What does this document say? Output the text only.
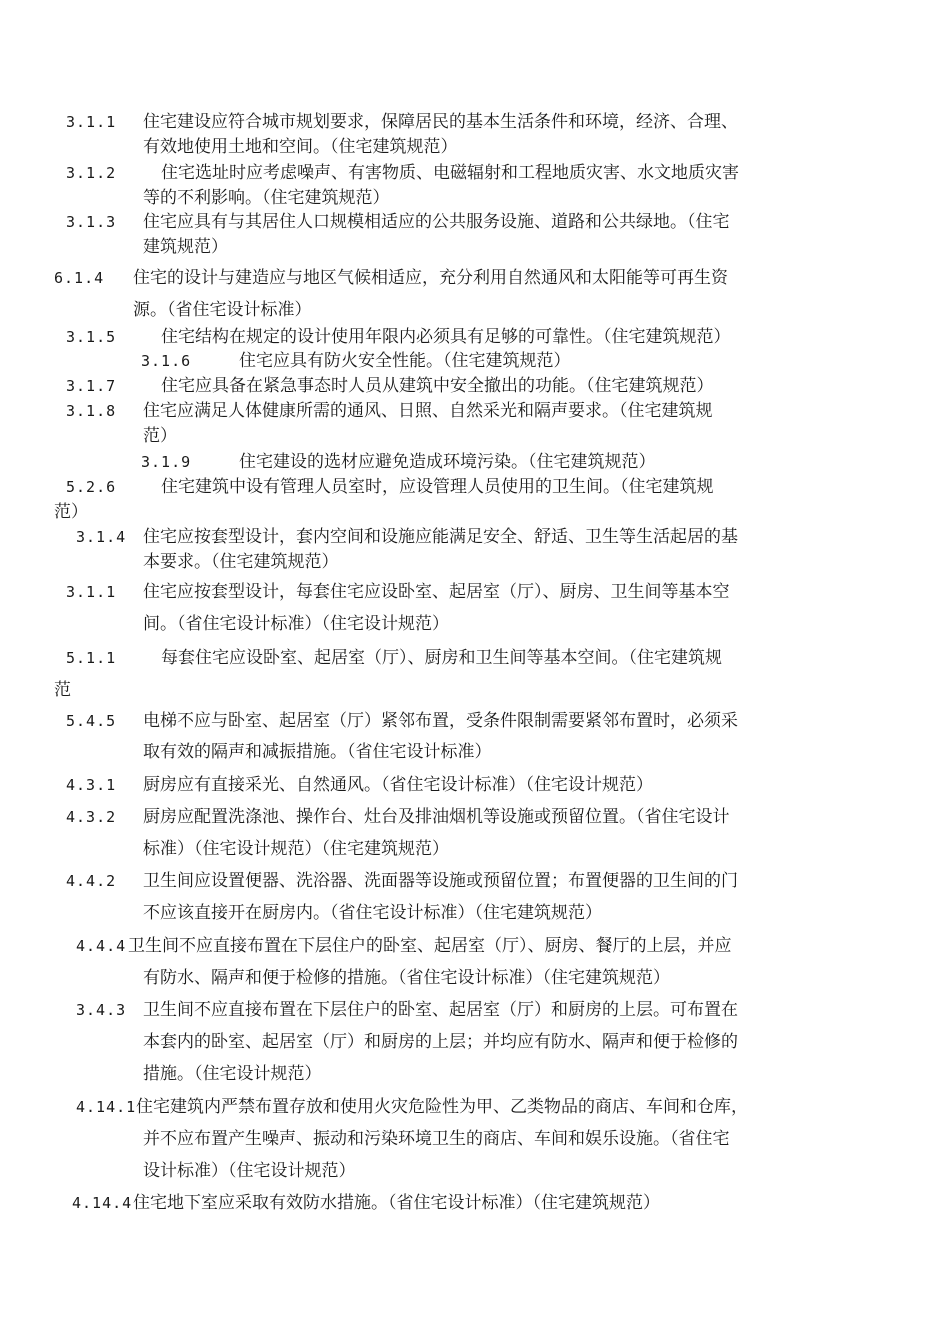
3.1.1 住宅建设应符合城市规划要求，保障居民的基本生活条件和环境，经济、合理、
有效地使用土地和空间。（住宅建筑规范）
3.1.2	住宅选址时应考虑噪声、有害物质、电磁辐射和工程地质灾害、水文地质灾害
等的不利影响。（住宅建筑规范）
3.1.3 住宅应具有与其居住人口规模相适应的公共服务设施、道路和公共绿地。（住宅
建筑规范）
6.1.4 住宅的设计与建造应与地区气候相适应，充分利用自然通风和太阳能等可再生资
源。（省住宅设计标准）
3.1.5	住宅结构在规定的设计使用年限内必须具有足够的可靠性。（住宅建筑规范）
3.1.6	住宅应具有防火安全性能。（住宅建筑规范）
3.1.7	住宅应具备在紧急事态时人员从建筑中安全撤出的功能。（住宅建筑规范）
3.1.8 住宅应满足人体健康所需的通风、日照、自然采光和隔声要求。（住宅建筑规
范）
3.1.9	住宅建设的选材应避免造成环境污染。（住宅建筑规范）
5.2.6	住宅建筑中设有管理人员室时，应设管理人员使用的卫生间。（住宅建筑规
范）
3.1.4 住宅应按套型设计，套内空间和设施应能满足安全、舒适、卫生等生活起居的基
本要求。（住宅建筑规范）
3.1.1 住宅应按套型设计，每套住宅应设卧室、起居室（厅）、厨房、卫生间等基本空
间。（省住宅设计标准）（住宅设计规范）
5.1.1	每套住宅应设卧室、起居室（厅）、厨房和卫生间等基本空间。（住宅建筑规
范
5.4.5 电梯不应与卧室、起居室（厅）紧邻布置，受条件限制需要紧邻布置时，必须采
取有效的隔声和减振措施。（省住宅设计标准）
4.3.1 厨房应有直接采光、自然通风。（省住宅设计标准）（住宅设计规范）
4.3.2 厨房应配置洗涤池、操作台、灶台及排油烟机等设施或预留位置。（省住宅设计
标准）（住宅设计规范）（住宅建筑规范）
4.4.2 卫生间应设置便器、洗浴器、洗面器等设施或预留位置；布置便器的卫生间的门
不应该直接开在厨房内。（省住宅设计标准）（住宅建筑规范）
4.4.4 卫生间不应直接布置在下层住户的卧室、起居室（厅）、厨房、餐厅的上层，并应
有防水、隔声和便于检修的措施。（省住宅设计标准）（住宅建筑规范）
3.4.3 卫生间不应直接布置在下层住户的卧室、起居室（厅）和厨房的上层。可布置在
本套内的卧室、起居室（厅）和厨房的上层；并均应有防水、隔声和便于检修的
措施。（住宅设计规范）
4.14.1 住宅建筑内严禁布置存放和使用火灾危险性为甲、乙类物品的商店、车间和仓库，
并不应布置产生噪声、振动和污染环境卫生的商店、车间和娱乐设施。（省住宅
设计标准）（住宅设计规范）
4.14.4 住宅地下室应采取有效防水措施。（省住宅设计标准）（住宅建筑规范）
